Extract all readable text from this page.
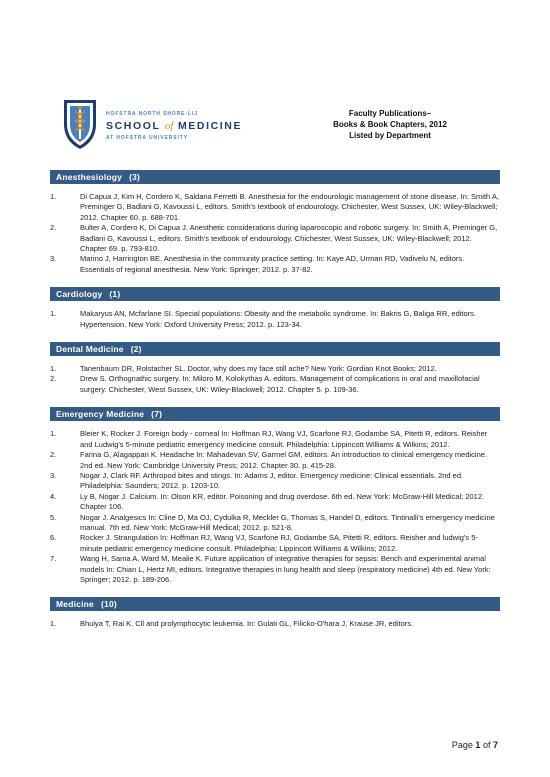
HOFSTRA NORTH SHORE-LIJ
SCHOOL of MEDICINE
AT HOFSTRA UNIVERSITY
Faculty Publications–
Books & Book Chapters, 2012
Listed by Department
Anesthesiology (3)
1.	Di Capua J, Kim H, Cordero K, Saldana Ferretti B. Anesthesia for the endourologic management of stone disease. In: Smith A, Preminger G, Badlani G, Kavoussi L, editors. Smith's textbook of endourology. Chichester, West Sussex, UK: Wiley-Blackwell; 2012. Chapter 60. p. 688-701.
2.	Bulter A, Cordero K, Di Capua J. Anesthetic considerations during laparoscopic and robotic surgery. In: Smith A, Preminger G, Badlani G, Kavoussi L, editors. Smith's textbook of endourology. Chichester, West Sussex, UK: Wiley-Blackwell; 2012. Chapter 69. p. 793-810.
3.	Marino J, Harrington BE. Anesthesia in the community practice setting. In: Kaye AD, Urman RD, Vadivelu N, editors. Essentials of regional anesthesia. New York: Springer; 2012. p. 37-82.
Cardiology (1)
1.	Makaryus AN, Mcfarlane SI. Special populations: Obesity and the metabolic syndrome. In: Bakris G, Baliga RR, editors. Hypertension. New York: Oxford University Press; 2012. p. 123-34.
Dental Medicine (2)
1.	Tanenbaum DR, Rolstacher SL. Doctor, why does my face still ache? New York: Gordian Knot Books; 2012.
2.	Drew S. Orthognathic surgery. In: Miloro M, Kolokythas A, editors. Management of complications in oral and maxillofacial surgery. Chichester, West Sussex, UK: Wiley-Blackwell; 2012. Chapter 5. p. 109-36.
Emergency Medicine (7)
1.	Bleier K, Rocker J. Foreign body - corneal In: Hoffman RJ, Wang VJ, Scarfone RJ, Godambe SA, Pitetti R, editors. Reisher and Ludwig's 5-minute pediatric emergency medicine consult. Philadelphia: Lippincott Williams & Wilkins; 2012.
2.	Farina G, Alagappan K. Headache In: Mahadevan SV, Garmel GM, editors. An introduction to clinical emergency medicine. 2nd ed. New York: Cambridge University Press; 2012. Chapter 30. p. 415-28.
3.	Nogar J, Clark RF. Arthropod bites and stings. In: Adams J, editor. Emergency medicine: Clinical essentials. 2nd ed. Philadelphia: Saunders; 2012. p. 1203-10.
4.	Ly B, Nogar J. Calcium. In: Olson KR, editor. Poisoning and drug overdose. 6th ed. New York: McGraw-Hill Medical; 2012. Chapter 106.
5.	Nogar J. Analgesics In: Cline D, Ma OJ, Cydulka R, Meckler G, Thomas S, Handel D, editors. Tintinalli's emergency medicine manual. 7th ed. New York: McGraw-Hill Medical; 2012. p. 521-8.
6.	Rocker J. Strangulation In: Hoffman RJ, Wang VJ, Scarfone RJ, Godambe SA, Pitetti R, editors. Reisher and ludwig's 5-minute pediatric emergency medicine consult. Philadelphia: Lippincott Williams & Wilkins; 2012.
7.	Wang H, Sama A, Ward M, Mealie K. Future application of integrative therapies for sepsis: Bench and experimental animal models In: Chian L, Hertz MI, editors. Integrative therapies in lung health and sleep (respiratory medicine) 4th ed. New York: Springer; 2012. p. 189-206.
Medicine (10)
1.	Bhuiya T, Rai K. Cll and prolymphocytic leukemia. In: Gulati GL, Filicko-O'hara J, Krause JR, editors.
Page 1 of 7
